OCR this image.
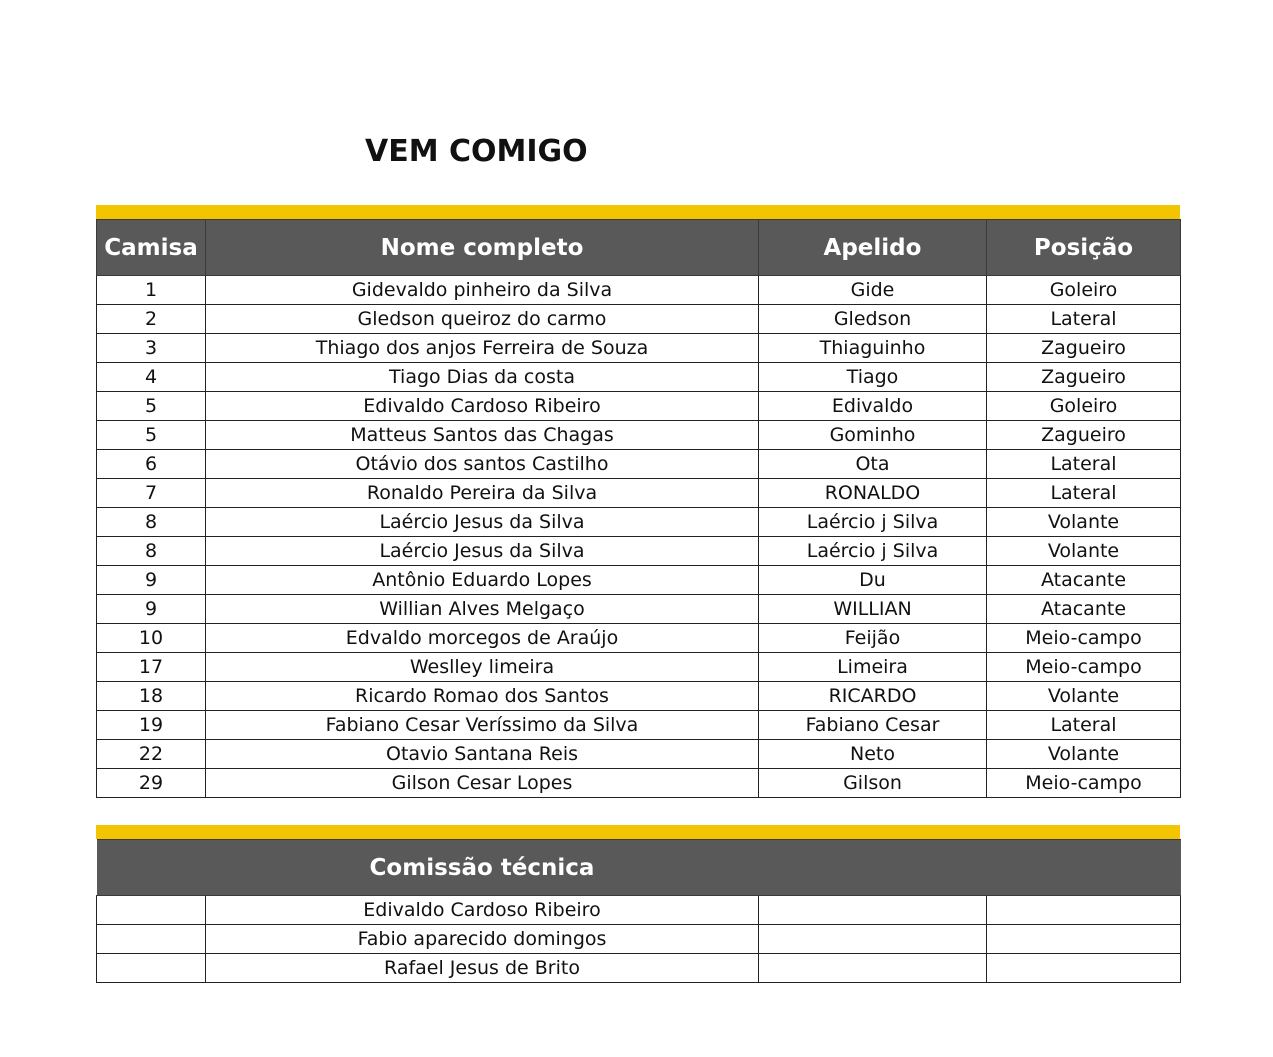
VEM COMIGO
Camisa	Nome completo	Apelido	Posição
1	Gidevaldo pinheiro da Silva	Gide	Goleiro
2	Gledson queiroz do carmo	Gledson	Lateral
3	Thiago dos anjos Ferreira de Souza	Thiaguinho	Zagueiro
4	Tiago Dias da costa	Tiago	Zagueiro
5	Edivaldo Cardoso Ribeiro	Edivaldo	Goleiro
5	Matteus Santos das Chagas	Gominho	Zagueiro
6	Otávio dos santos Castilho	Ota	Lateral
7	Ronaldo Pereira da Silva	RONALDO	Lateral
8	Laércio Jesus da Silva	Laércio j Silva	Volante
8	Laércio Jesus da Silva	Laércio j Silva	Volante
9	Antônio Eduardo Lopes	Du	Atacante
9	Willian Alves Melgaço	WILLIAN	Atacante
10	Edvaldo morcegos de Araújo	Feijão	Meio-campo
17	Weslley limeira	Limeira	Meio-campo
18	Ricardo Romao dos Santos	RICARDO	Volante
19	Fabiano Cesar Veríssimo da Silva	Fabiano Cesar	Lateral
22	Otavio Santana Reis	Neto	Volante
29	Gilson Cesar Lopes	Gilson	Meio-campo
	Comissão técnica		
	Edivaldo Cardoso Ribeiro		
	Fabio aparecido domingos		
	Rafael Jesus de Brito		
